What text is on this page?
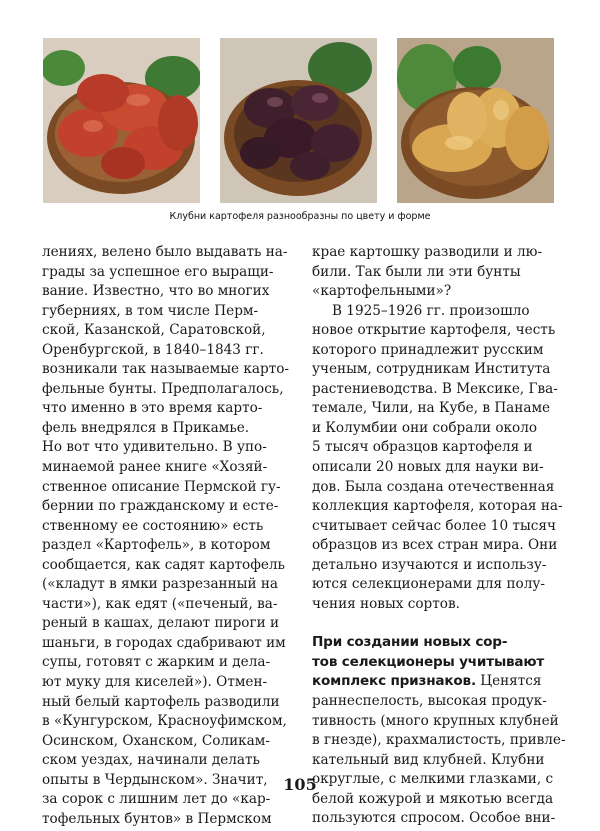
Клубни картофеля разнообразны по цвету и форме
лениях, велено было выдавать на-
грады за успешное его выращи-
вание. Известно, что во многих
губерниях, в том числе Перм-
ской, Казанской, Саратовской,
Оренбургской, в 1840–1843 гг.
возникали так называемые карто-
фельные бунты. Предполагалось,
что именно в это время карто-
фель внедрялся в Прикамье.
Но вот что удивительно. В упо-
минаемой ранее книге «Хозяй-
ственное описание Пермской гу-
бернии по гражданскому и есте-
ственному ее состоянию» есть
раздел «Картофель», в котором
сообщается, как садят картофель
(«кладут в ямки разрезанный на
части»), как едят («печеный, ва-
реный в кашах, делают пироги и
шаньги, в городах сдабривают им
супы, готовят с жарким и дела-
ют муку для киселей»). Отмен-
ный белый картофель разводили
в «Кунгурском, Красноуфимском,
Осинском, Оханском, Соликам-
ском уездах, начинали делать
опыты в Чердынском». Значит,
за сорок с лишним лет до «кар-
тофельных бунтов» в Пермском
крае картошку разводили и лю-
били. Так были ли эти бунты
«картофельными»?
В 1925–1926 гг. произошло
новое открытие картофеля, честь
которого принадлежит русским
ученым, сотрудникам Института
растениеводства. В Мексике, Гва-
темале, Чили, на Кубе, в Панаме
и Колумбии они собрали около
5 тысяч образцов картофеля и
описали 20 новых для науки ви-
дов. Была создана отечественная
коллекция картофеля, которая на-
считывает сейчас более 10 тысяч
образцов из всех стран мира. Они
детально изучаются и использу-
ются селекционерами для полу-
чения новых сортов.
При создании новых сор-
тов селекционеры учитывают
комплекс признаков. Ценятся
раннеспелость, высокая продук-
тивность (много крупных клубней
в гнезде), крахмалистость, привле-
кательный вид клубней. Клубни
округлые, с мелкими глазками, с
белой кожурой и мякотью всегда
пользуются спросом. Особое вни-
105
